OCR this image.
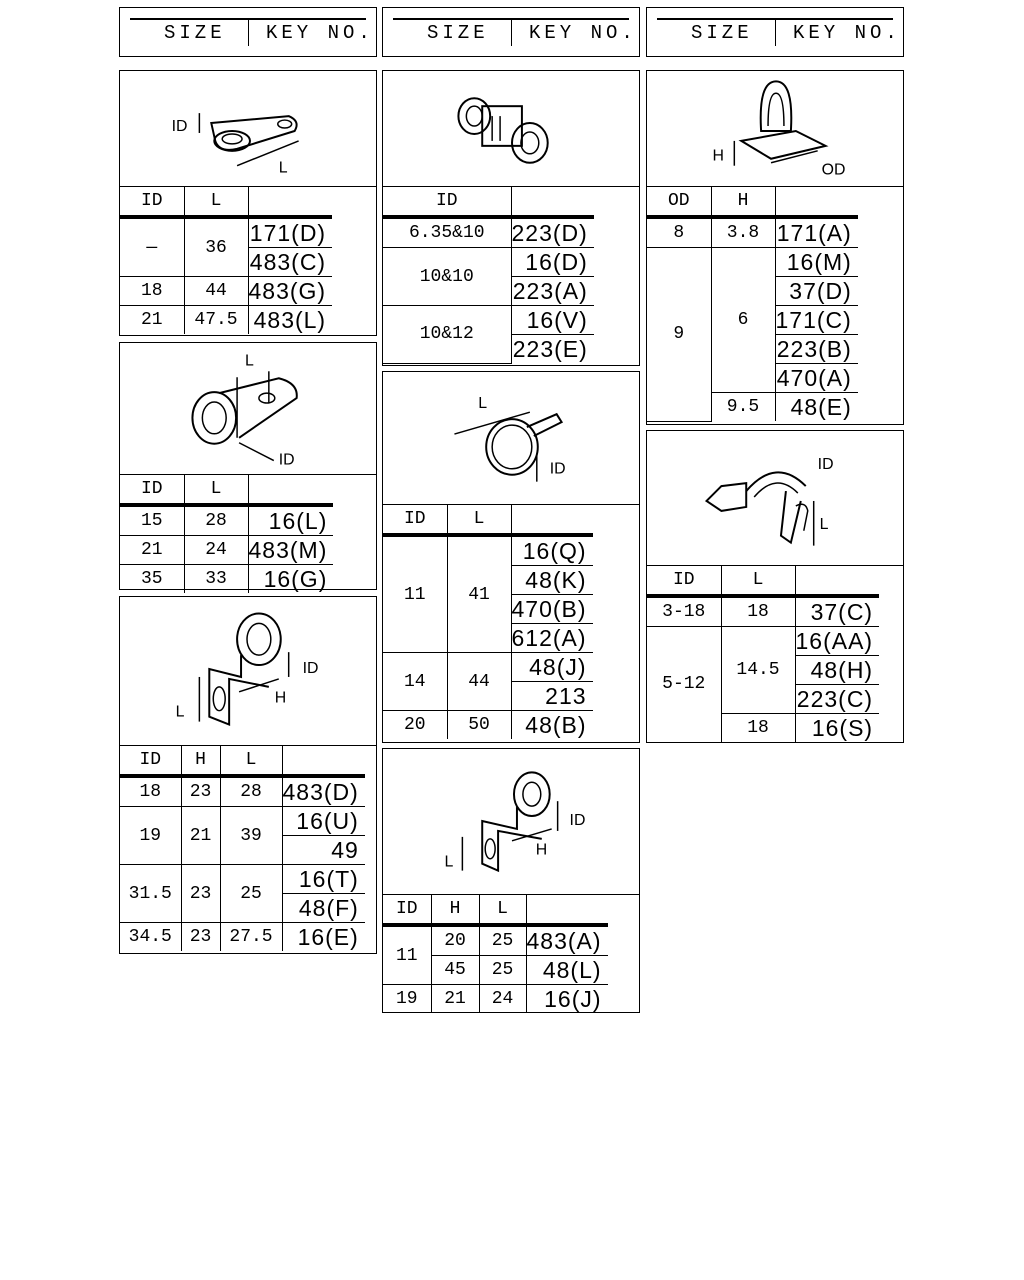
SIZE KEY NO.	SIZE KEY NO.	SIZE KEY NO.
ID
L
ID	L	
—	36	171(D)
		483(C)
18	44	483(G)
21	47.5	483(L)
L
ID
ID	L	
15	28	16(L)
21	24	483(M)
35	33	16(G)
ID
H
L
ID	H	L	
18	23	28	483(D)
19	21	39	16(U)
			49
31.5	23	25	16(T)
			48(F)
34.5	23	27.5	16(E)
ID	
6.35&10	223(D)
10&10	16(D)
	223(A)
10&12	16(V)
	223(E)
L
ID
ID	L	
11	41	16(Q)
		48(K)
		470(B)
		612(A)
14	44	48(J)
		213
20	50	48(B)
ID
H
L
ID	H	L	
11	20	25	483(A)
	45	25	48(L)
19	21	24	16(J)
H
OD
OD	H	
8	3.8	171(A)
9	6	16(M)
		37(D)
		171(C)
		223(B)
		470(A)
	9.5	48(E)
ID
L
ID	L	
3-18	18	37(C)
5-12	14.5	16(AA)
		48(H)
		223(C)
	18	16(S)
